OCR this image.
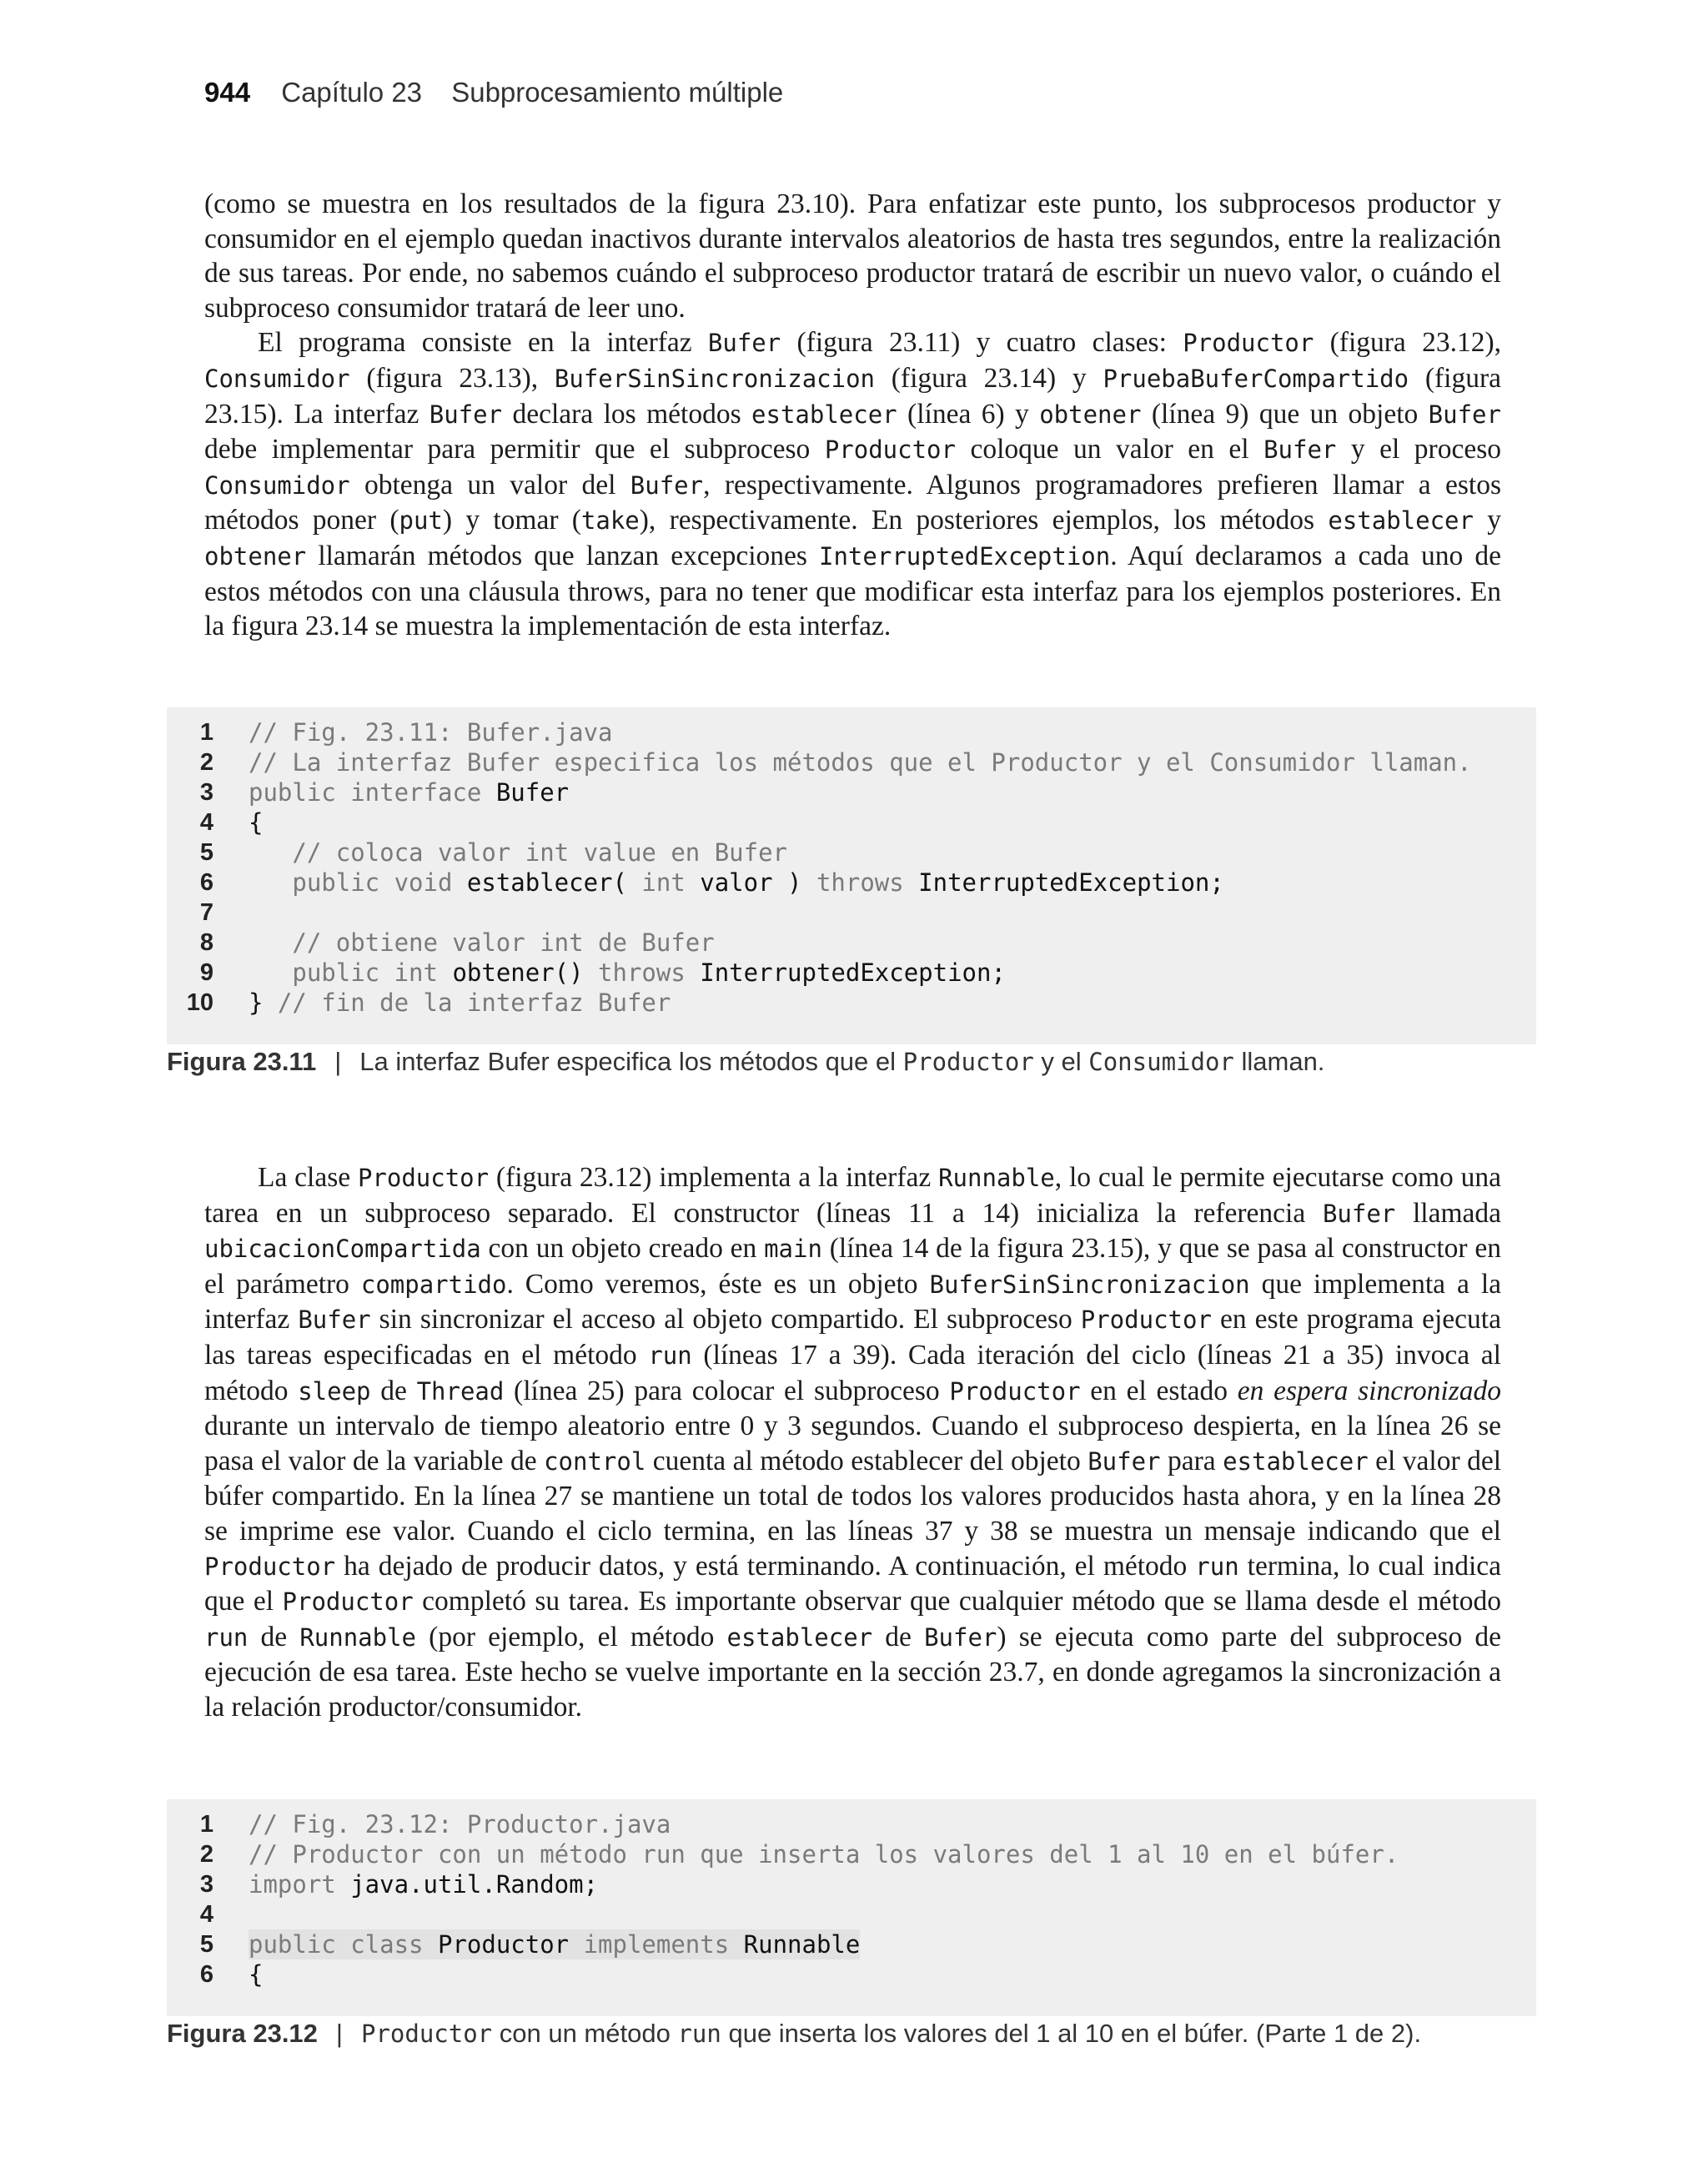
944 Capítulo 23 Subprocesamiento múltiple

(como se muestra en los resultados de la figura 23.10). Para enfatizar este punto, los subprocesos productor y consumidor en el ejemplo quedan inactivos durante intervalos aleatorios de hasta tres segundos, entre la realización de sus tareas. Por ende, no sabemos cuándo el subproceso productor tratará de escribir un nuevo valor, o cuándo el subproceso consumidor tratará de leer uno.

El programa consiste en la interfaz Bufer (figura 23.11) y cuatro clases: Productor (figura 23.12), Consumidor (figura 23.13), BuferSinSincronizacion (figura 23.14) y PruebaBuferCompartido (figura 23.15). La interfaz Bufer declara los métodos establecer (línea 6) y obtener (línea 9) que un objeto Bufer debe implementar para permitir que el subproceso Productor coloque un valor en el Bufer y el proceso Consumidor obtenga un valor del Bufer, respectivamente. Algunos programadores prefieren llamar a estos métodos poner (put) y tomar (take), respectivamente. En posteriores ejemplos, los métodos establecer y obtener llamarán métodos que lanzan excepciones InterruptedException. Aquí declaramos a cada uno de estos métodos con una cláusula throws, para no tener que modificar esta interfaz para los ejemplos posteriores. En la figura 23.14 se muestra la implementación de esta interfaz.

1 // Fig. 23.11: Bufer.java
2 // La interfaz Bufer especifica los métodos que el Productor y el Consumidor llaman.
3 public interface Bufer
4 {
5 // coloca valor int value en Bufer
6 public void establecer( int valor ) throws InterruptedException;
7
8 // obtiene valor int de Bufer
9 public int obtener() throws InterruptedException;
10 } // fin de la interfaz Bufer
Figura 23.11 | La interfaz Bufer especifica los métodos que el Productor y el Consumidor llaman.

La clase Productor (figura 23.12) implementa a la interfaz Runnable, lo cual le permite ejecutarse como una tarea en un subproceso separado. El constructor (líneas 11 a 14) inicializa la referencia Bufer llamada ubicacionCompartida con un objeto creado en main (línea 14 de la figura 23.15), y que se pasa al constructor en el parámetro compartido. Como veremos, éste es un objeto BuferSinSincronizacion que implementa a la interfaz Bufer sin sincronizar el acceso al objeto compartido. El subproceso Productor en este programa ejecuta las tareas especificadas en el método run (líneas 17 a 39). Cada iteración del ciclo (líneas 21 a 35) invoca al método sleep de Thread (línea 25) para colocar el subproceso Productor en el estado en espera sincronizado durante un intervalo de tiempo aleatorio entre 0 y 3 segundos. Cuando el subproceso despierta, en la línea 26 se pasa el valor de la variable de control cuenta al método establecer del objeto Bufer para establecer el valor del búfer compartido. En la línea 27 se mantiene un total de todos los valores producidos hasta ahora, y en la línea 28 se imprime ese valor. Cuando el ciclo termina, en las líneas 37 y 38 se muestra un mensaje indicando que el Productor ha dejado de producir datos, y está terminando. A continuación, el método run termina, lo cual indica que el Productor completó su tarea. Es importante observar que cualquier método que se llama desde el método run de Runnable (por ejemplo, el método establecer de Bufer) se ejecuta como parte del subproceso de ejecución de esa tarea. Este hecho se vuelve importante en la sección 23.7, en donde agregamos la sincronización a la relación productor/consumidor.

1 // Fig. 23.12: Productor.java
2 // Productor con un método run que inserta los valores del 1 al 10 en el búfer.
3 import java.util.Random;
4
5 public class Productor implements Runnable
6 {
Figura 23.12 | Productor con un método run que inserta los valores del 1 al 10 en el búfer. (Parte 1 de 2).
